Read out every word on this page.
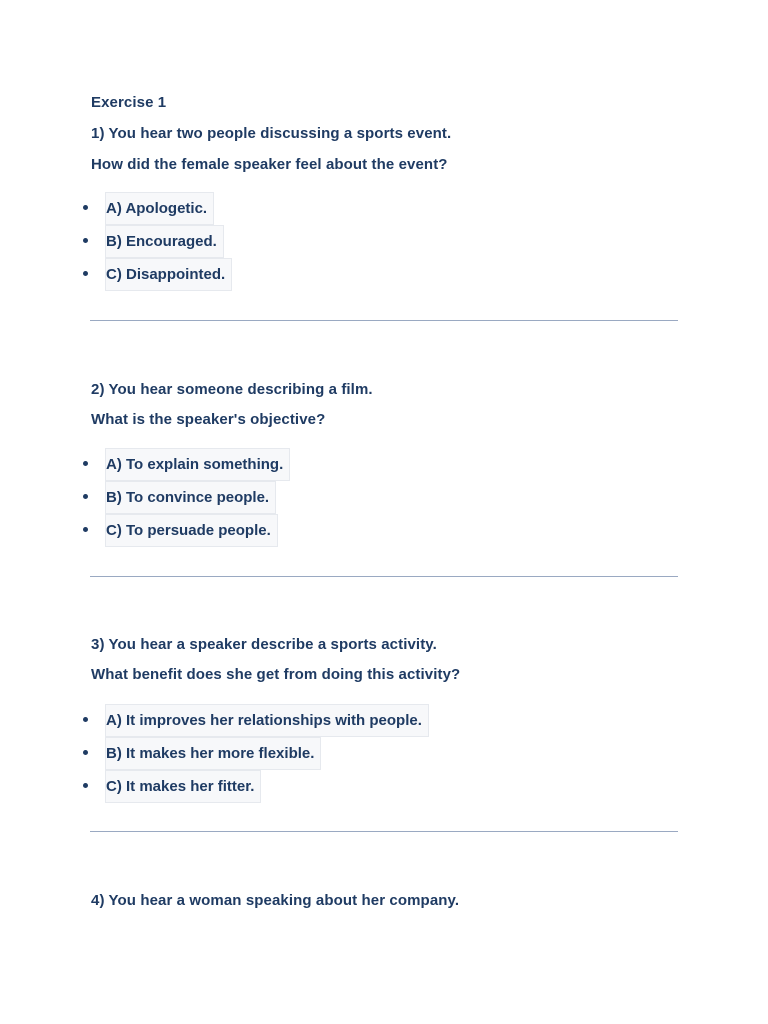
Exercise 1
1) You hear two people discussing a sports event.
How did the female speaker feel about the event?
A) Apologetic.
B) Encouraged.
C) Disappointed.
2) You hear someone describing a film.
What is the speaker's objective?
A) To explain something.
B) To convince people.
C) To persuade people.
3) You hear a speaker describe a sports activity.
What benefit does she get from doing this activity?
A) It improves her relationships with people.
B) It makes her more flexible.
C) It makes her fitter.
4) You hear a woman speaking about her company.
